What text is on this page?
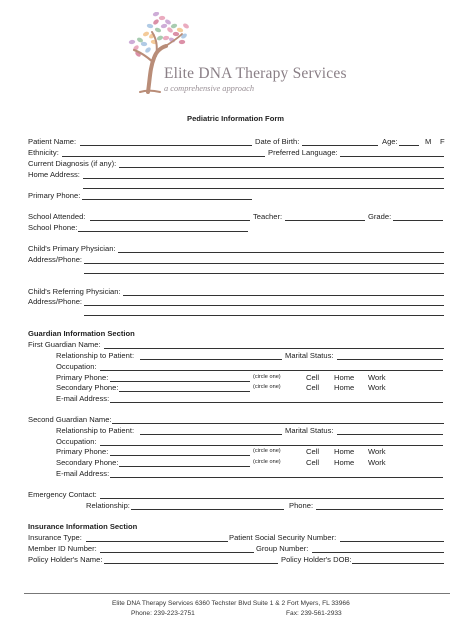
Elite DNA Therapy Services
a comprehensive approach
Pediatric Information Form
Patient Name:	Date of Birth:	Age:	M F
Ethnicity:	Preferred Language:
Current Diagnosis (if any):
Home Address:
Primary Phone:
School Attended:	Teacher:	Grade:
School Phone:
Child's Primary Physician:
Address/Phone:
Child's Referring Physician:
Address/Phone:
Guardian Information Section
First Guardian Name:
Relationship to Patient:	Marital Status:
Occupation:
Primary Phone:	(circle one)	Cell Home Work
Secondary Phone:	(circle one)	Cell Home Work
E-mail Address:
Second Guardian Name:
Relationship to Patient:	Marital Status:
Occupation:
Primary Phone:	(circle one)	Cell Home Work
Secondary Phone:	(circle one)	Cell Home Work
E-mail Address:
Emergency Contact:
Relationship:	Phone:
Insurance Information Section
Insurance Type:	Patient Social Security Number:
Member ID Number:	Group Number:
Policy Holder's Name:	Policy Holder's DOB:
Elite DNA Therapy Services 6360 Techster Blvd Suite 1 & 2 Fort Myers, FL 33966
Phone: 239-223-2751	Fax: 239-561-2933
